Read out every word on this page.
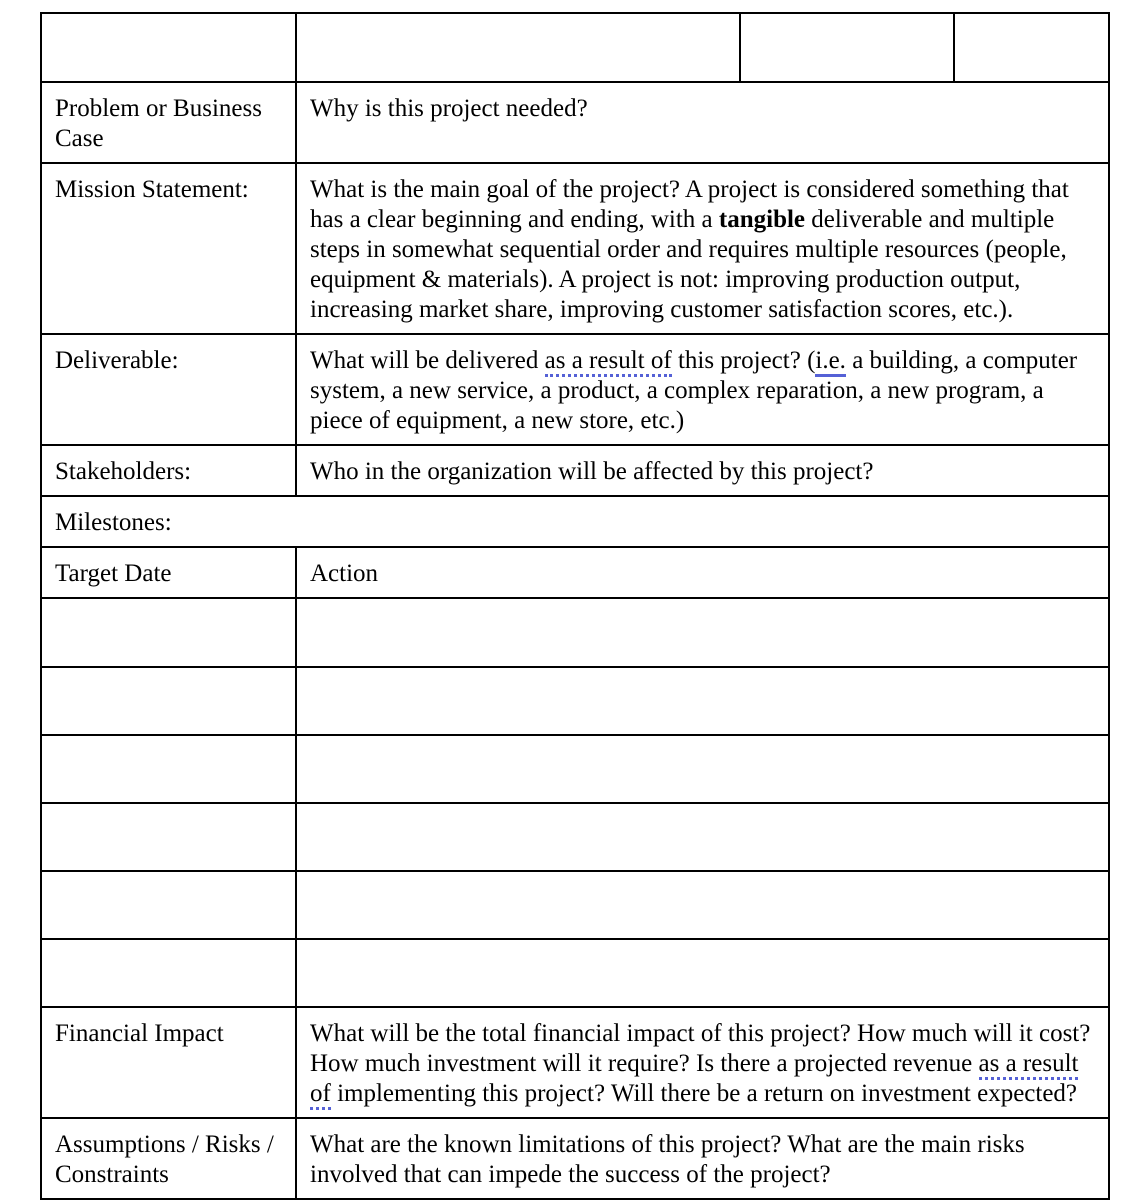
Problem or Business Case	Why is this project needed?		
Mission Statement:	What is the main goal of the project? A project is considered something that has a clear beginning and ending, with a tangible deliverable and multiple steps in somewhat sequential order and requires multiple resources (people, equipment & materials). A project is not: improving production output, increasing market share, improving customer satisfaction scores, etc.).		
Deliverable:	What will be delivered as a result of this project? (i.e. a building, a computer system, a new service, a product, a complex reparation, a new program, a piece of equipment, a new store, etc.)		
Stakeholders:	Who in the organization will be affected by this project?		
Milestones:			
Target Date	Action		

Financial Impact	What will be the total financial impact of this project? How much will it cost? How much investment will it require? Is there a projected revenue as a result of implementing this project? Will there be a return on investment expected?		
Assumptions / Risks / Constraints	What are the known limitations of this project? What are the main risks involved that can impede the success of the project?		
